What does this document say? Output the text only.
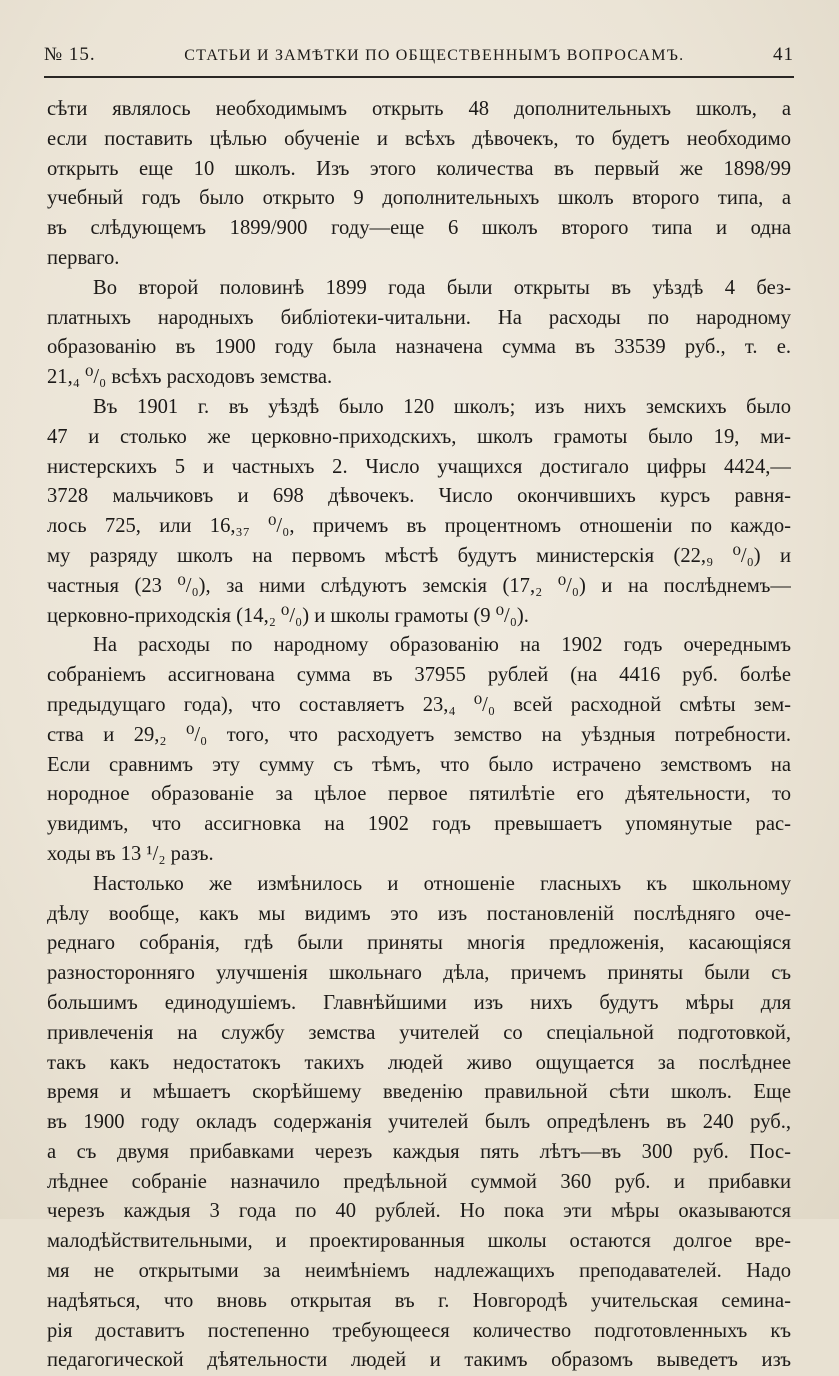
№ 15.	СТАТЬИ И ЗАМѢТКИ ПО ОБЩЕСТВЕННЫМЪ ВОПРОСАМЪ.	41
сѣти являлось необходимымъ открыть 48 дополнительныхъ школъ, а
если поставить цѣлью обученіе и всѣхъ дѣвочекъ, то будетъ необходимо
открыть еще 10 школъ. Изъ этого количества въ первый же 1898/99
учебный годъ было открыто 9 дополнительныхъ школъ второго типа, а
въ слѣдующемъ 1899/900 году—еще 6 школъ второго типа и одна
перваго.
Во второй половинѣ 1899 года были открыты въ уѣздѣ 4 без-
платныхъ народныхъ библіотеки-читальни. На расходы по народному
образованію въ 1900 году была назначена сумма въ 33539 руб., т. е.
21,₄ ⁰/₀ всѣхъ расходовъ земства.
Въ 1901 г. въ уѣздѣ было 120 школъ; изъ нихъ земскихъ было
47 и столько же церковно-приходскихъ, школъ грамоты было 19, ми-
нистерскихъ 5 и частныхъ 2. Число учащихся достигало цифры 4424,—
3728 мальчиковъ и 698 дѣвочекъ. Число окончившихъ курсъ равня-
лось 725, или 16,₃₇ ⁰/₀, причемъ въ процентномъ отношеніи по каждо-
му разряду школъ на первомъ мѣстѣ будутъ министерскія (22,₉ ⁰/₀) и
частныя (23 ⁰/₀), за ними слѣдуютъ земскія (17,₂ ⁰/₀) и на послѣднемъ—
церковно-приходскія (14,₂ ⁰/₀) и школы грамоты (9 ⁰/₀).
На расходы по народному образованію на 1902 годъ очереднымъ
собраніемъ ассигнована сумма въ 37955 рублей (на 4416 руб. болѣе
предыдущаго года), что составляетъ 23,₄ ⁰/₀ всей расходной смѣты зем-
ства и 29,₂ ⁰/₀ того, что расходуетъ земство на уѣздныя потребности.
Если сравнимъ эту сумму съ тѣмъ, что было истрачено земствомъ на
нородное образованіе за цѣлое первое пятилѣтіе его дѣятельности, то
увидимъ, что ассигновка на 1902 годъ превышаетъ упомянутые рас-
ходы въ 13 ¹/₂ разъ.
Настолько же измѣнилось и отношеніе гласныхъ къ школьному
дѣлу вообще, какъ мы видимъ это изъ постановленій послѣдняго оче-
реднаго собранія, гдѣ были приняты многія предложенія, касающіяся
разносторонняго улучшенія школьнаго дѣла, причемъ приняты были съ
большимъ единодушіемъ. Главнѣйшими изъ нихъ будутъ мѣры для
привлеченія на службу земства учителей со спеціальной подготовкой,
такъ какъ недостатокъ такихъ людей живо ощущается за послѣднее
время и мѣшаетъ скорѣйшему введенію правильной сѣти школъ. Еще
въ 1900 году окладъ содержанія учителей былъ опредѣленъ въ 240 руб.,
а съ двумя прибавками черезъ каждыя пять лѣтъ—въ 300 руб. Пос-
лѣднее собраніе назначило предѣльной суммой 360 руб. и прибавки
черезъ каждыя 3 года по 40 рублей. Но пока эти мѣры оказываются
малодѣйствительными, и проектированныя школы остаются долгое вре-
мя не открытыми за неимѣніемъ надлежащихъ преподавателей. Надо
надѣяться, что вновь открытая въ г. Новгородѣ учительская семина-
рія доставитъ постепенно требующееся количество подготовленныхъ къ
педагогической дѣятельности людей и такимъ образомъ выведетъ изъ
